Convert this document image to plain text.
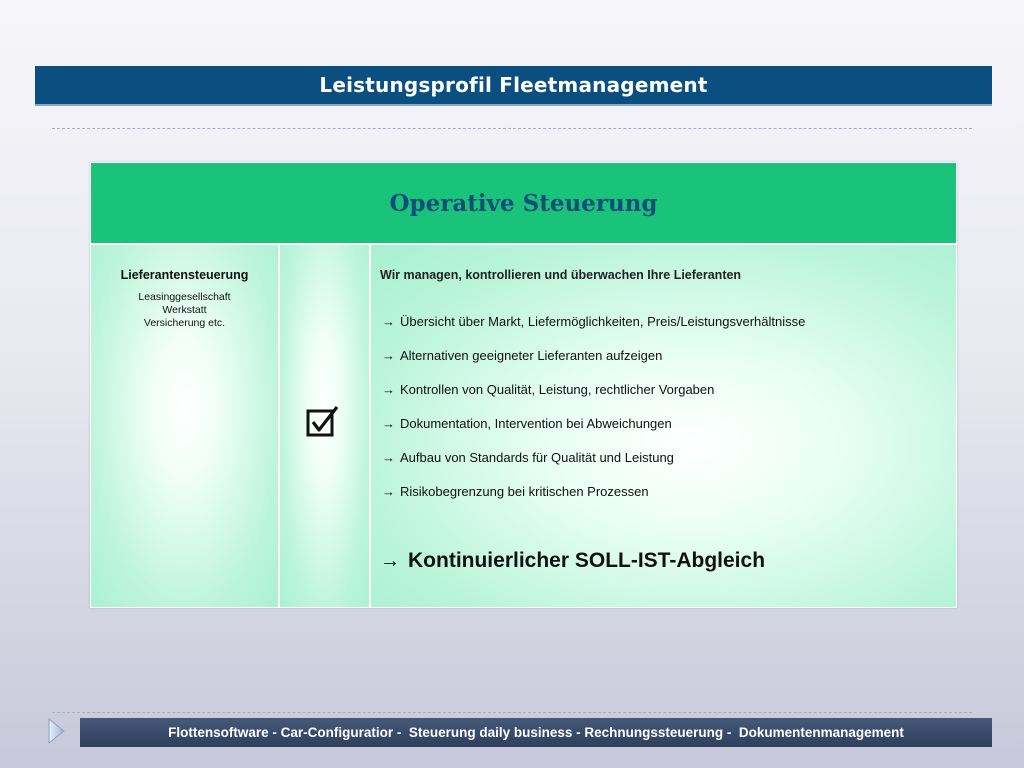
Leistungsprofil Fleetmanagement
Operative Steuerung
Lieferantensteuerung
Leasinggesellschaft
Werkstatt
Versicherung etc.
Wir managen, kontrollieren und überwachen Ihre Lieferanten
→ Übersicht über Markt, Liefermöglichkeiten, Preis/Leistungsverhältnisse
→ Alternativen geeigneter Lieferanten aufzeigen
→ Kontrollen von Qualität, Leistung, rechtlicher Vorgaben
→ Dokumentation, Intervention bei Abweichungen
→ Aufbau von Standards für Qualität und Leistung
→ Risikobegrenzung bei kritischen Prozessen
→ Kontinuierlicher SOLL-IST-Abgleich
Flottensoftware - Car-Configuratior -  Steuerung daily business - Rechnungssteuerung -  Dokumentenmanagement
